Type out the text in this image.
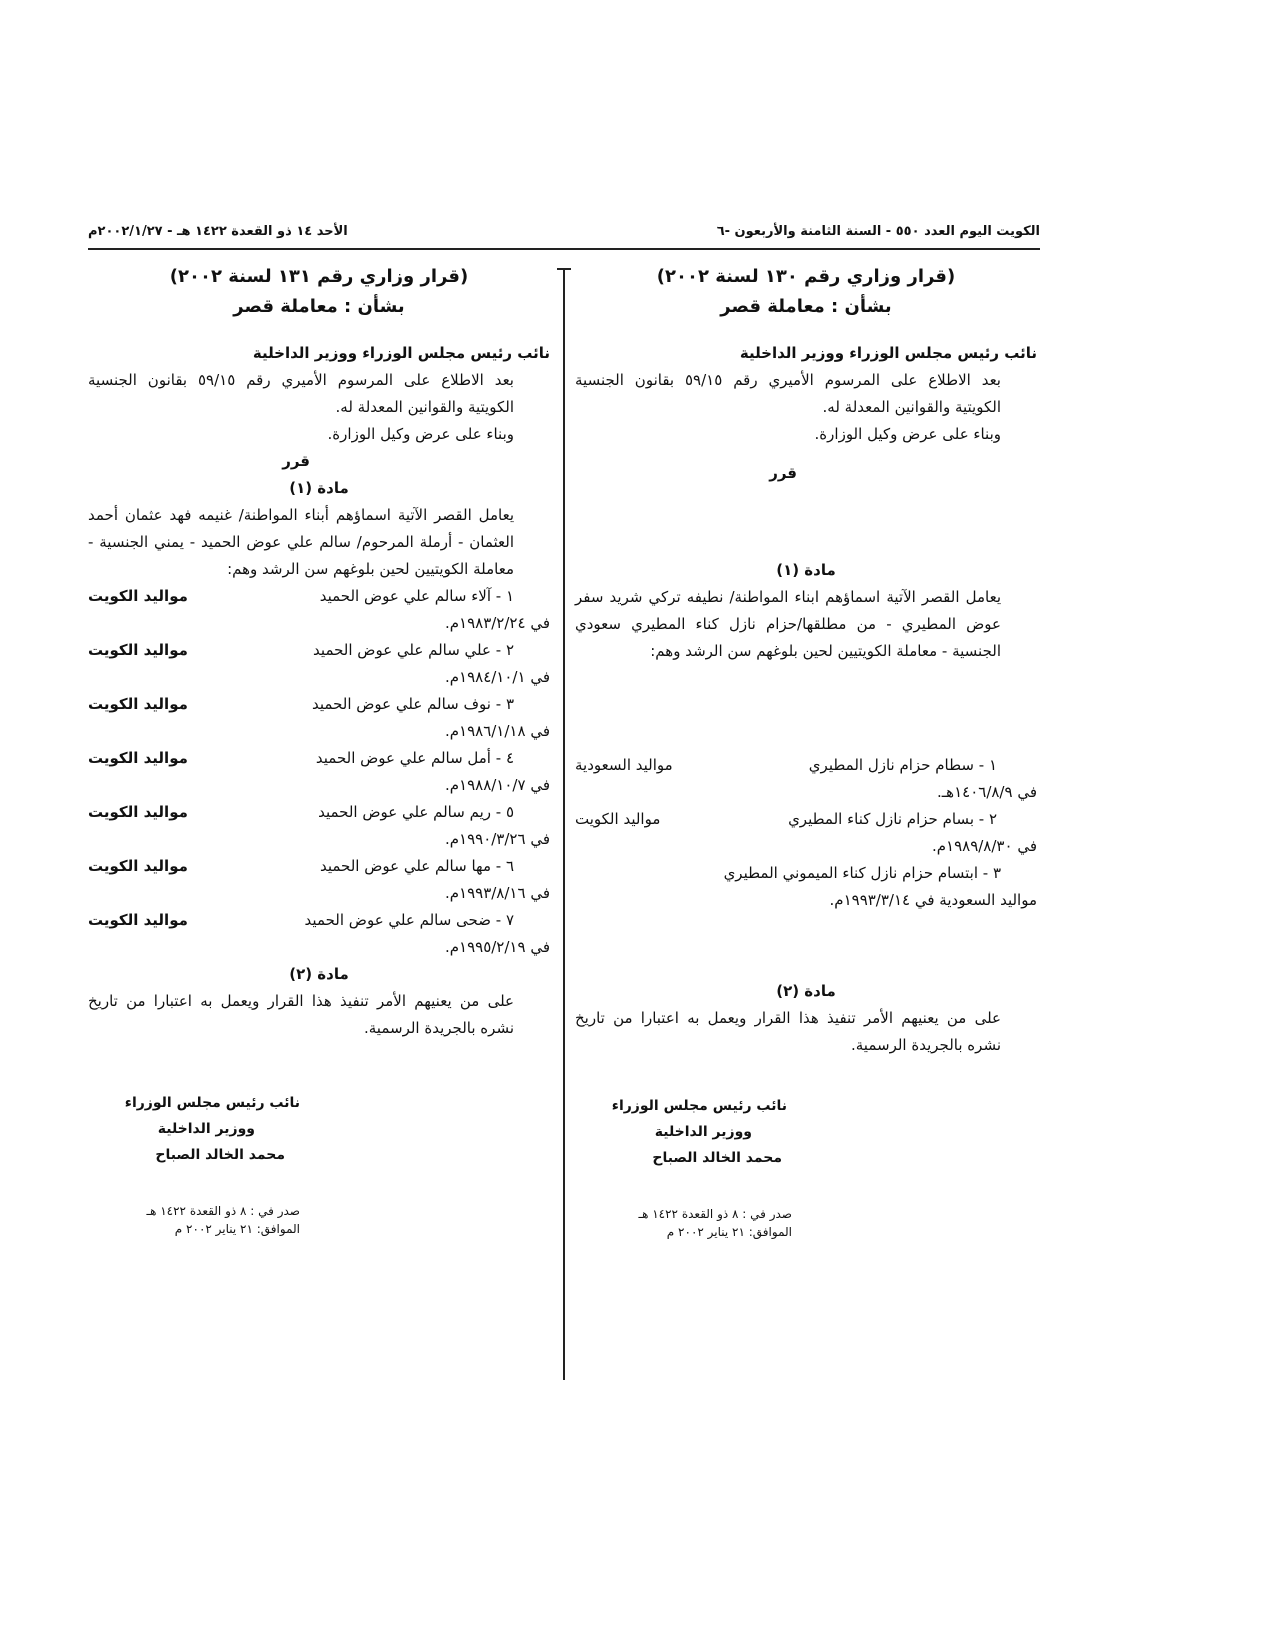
الكويت اليوم العدد ٥٥٠ - السنة الثامنة والأربعون -٦
الأحد ١٤ ذو القعدة ١٤٢٢ هـ - ٢٠٠٢/١/٢٧م
(قرار وزاري رقم ١٣٠ لسنة ٢٠٠٢)
بشأن : معاملة قصر
نائب رئيس مجلس الوزراء ووزير الداخلية
بعد الاطلاع على المرسوم الأميري رقم ٥٩/١٥ بقانون الجنسية الكويتية والقوانين المعدلة له.
وبناء على عرض وكيل الوزارة.
قرر
مادة (١)
يعامل القصر الآتية اسماؤهم ابناء المواطنة/ نطيفه تركي شريد سفر عوض المطيري - من مطلقها/حزام نازل كناء المطيري سعودي الجنسية - معاملة الكويتيين لحين بلوغهم سن الرشد وهم:
١ - سطام حزام نازل المطيري
مواليد السعودية
في ١٤٠٦/٨/٩هـ.
٢ - بسام حزام نازل كناء المطيري
مواليد الكويت
في ١٩٨٩/٨/٣٠م.
٣ - ابتسام حزام نازل كناء الميموني المطيري
مواليد السعودية في ١٩٩٣/٣/١٤م.
مادة (٢)
على من يعنيهم الأمر تنفيذ هذا القرار ويعمل به اعتبارا من تاريخ نشره بالجريدة الرسمية.
نائب رئيس مجلس الوزراء
ووزير الداخلية
محمد الخالد الصباح
صدر في : ٨ ذو القعدة ١٤٢٢ هـ
الموافق: ٢١ يناير ٢٠٠٢ م
(قرار وزاري رقم ١٣١ لسنة ٢٠٠٢)
بشأن : معاملة قصر
نائب رئيس مجلس الوزراء ووزير الداخلية
بعد الاطلاع على المرسوم الأميري رقم ٥٩/١٥ بقانون الجنسية الكويتية والقوانين المعدلة له.
وبناء على عرض وكيل الوزارة.
قرر
مادة (١)
يعامل القصر الآتية اسماؤهم أبناء المواطنة/ غنيمه فهد عثمان أحمد العثمان - أرملة المرحوم/ سالم علي عوض الحميد - يمني الجنسية - معاملة الكويتيين لحين بلوغهم سن الرشد وهم:
١ - آلاء سالم علي عوض الحميد
مواليد الكويت
في ١٩٨٣/٢/٢٤م.
٢ - علي سالم علي عوض الحميد
مواليد الكويت
في ١٩٨٤/١٠/١م.
٣ - نوف سالم علي عوض الحميد
مواليد الكويت
في ١٩٨٦/١/١٨م.
٤ - أمل سالم علي عوض الحميد
مواليد الكويت
في ١٩٨٨/١٠/٧م.
٥ - ريم سالم علي عوض الحميد
مواليد الكويت
في ١٩٩٠/٣/٢٦م.
٦ - مها سالم علي عوض الحميد
مواليد الكويت
في ١٩٩٣/٨/١٦م.
٧ - ضحى سالم علي عوض الحميد
مواليد الكويت
في ١٩٩٥/٢/١٩م.
مادة (٢)
على من يعنيهم الأمر تنفيذ هذا القرار ويعمل به اعتبارا من تاريخ نشره بالجريدة الرسمية.
نائب رئيس مجلس الوزراء
ووزير الداخلية
محمد الخالد الصباح
صدر في : ٨ ذو القعدة ١٤٢٢ هـ
الموافق: ٢١ يناير ٢٠٠٢ م
